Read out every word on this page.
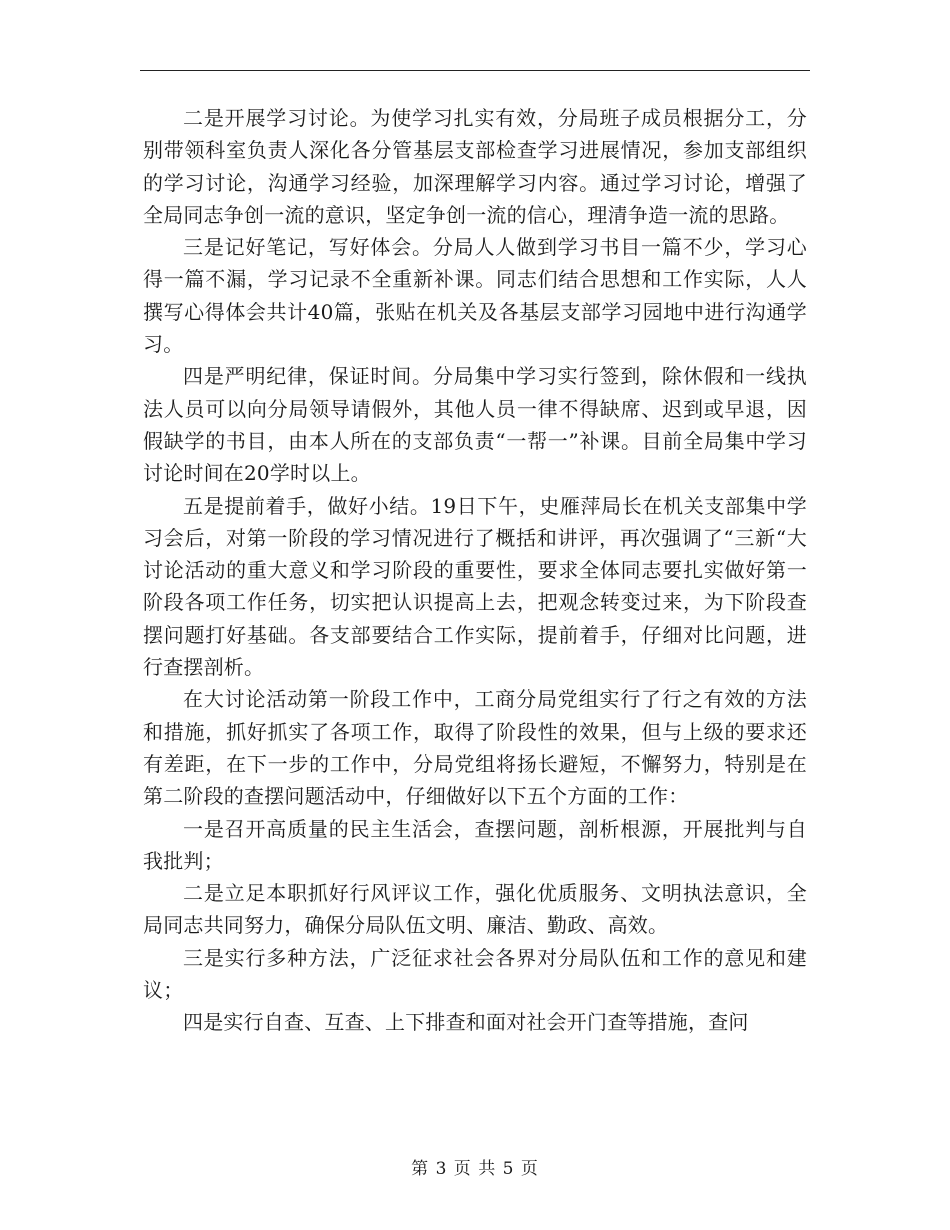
二是开展学习讨论。为使学习扎实有效，分局班子成员根据分工，分别带领科室负责人深化各分管基层支部检查学习进展情况，参加支部组织的学习讨论，沟通学习经验，加深理解学习内容。通过学习讨论，增强了全局同志争创一流的意识，坚定争创一流的信心，理清争造一流的思路。

三是记好笔记，写好体会。分局人人做到学习书目一篇不少，学习心得一篇不漏，学习记录不全重新补课。同志们结合思想和工作实际，人人撰写心得体会共计40篇，张贴在机关及各基层支部学习园地中进行沟通学习。

四是严明纪律，保证时间。分局集中学习实行签到，除休假和一线执法人员可以向分局领导请假外，其他人员一律不得缺席、迟到或早退，因假缺学的书目，由本人所在的支部负责“一帮一”补课。目前全局集中学习讨论时间在20学时以上。

五是提前着手，做好小结。19日下午，史雁萍局长在机关支部集中学习会后，对第一阶段的学习情况进行了概括和讲评，再次强调了“三新“大讨论活动的重大意义和学习阶段的重要性，要求全体同志要扎实做好第一阶段各项工作任务，切实把认识提高上去，把观念转变过来，为下阶段查摆问题打好基础。各支部要结合工作实际，提前着手，仔细对比问题，进行查摆剖析。

在大讨论活动第一阶段工作中，工商分局党组实行了行之有效的方法和措施，抓好抓实了各项工作，取得了阶段性的效果，但与上级的要求还有差距，在下一步的工作中，分局党组将扬长避短，不懈努力，特别是在第二阶段的查摆问题活动中，仔细做好以下五个方面的工作：

一是召开高质量的民主生活会，查摆问题，剖析根源，开展批判与自我批判；

二是立足本职抓好行风评议工作，强化优质服务、文明执法意识，全局同志共同努力，确保分局队伍文明、廉洁、勤政、高效。

三是实行多种方法，广泛征求社会各界对分局队伍和工作的意见和建议；

四是实行自查、互查、上下排查和面对社会开门查等措施，查问

第 3 页 共 5 页
